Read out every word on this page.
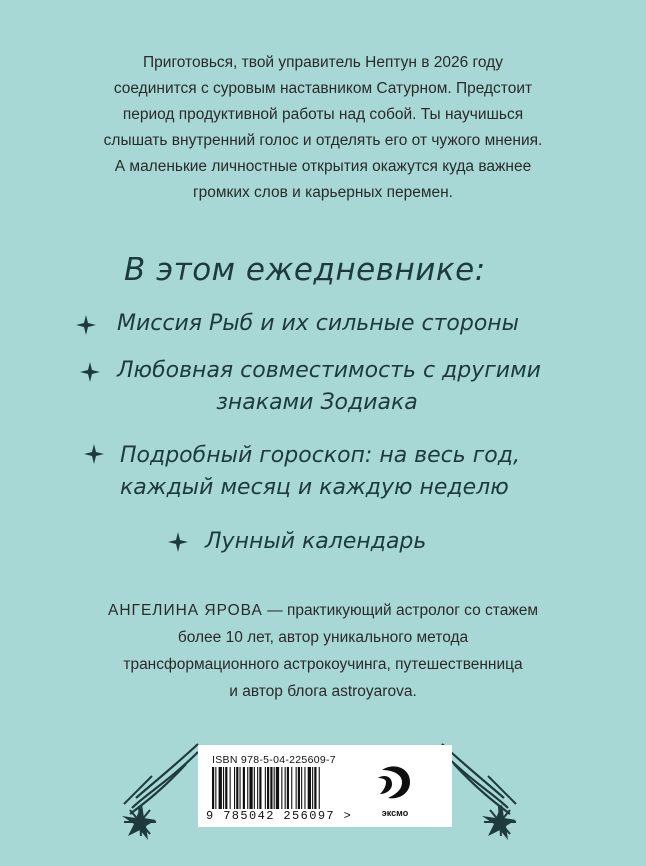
Приготовься, твой управитель Нептун в 2026 году

соединится с суровым наставником Сатурном. Предстоит

период продуктивной работы над собой. Ты научишься

слышать внутренний голос и отделять его от чужого мнения.

А маленькие личностные открытия окажутся куда важнее

громких слов и карьерных перемен.

В этом ежедневнике:
Миссия Рыб и их сильные стороны
Любовная совместимость с другими
знаками Зодиака
Подробный гороскоп: на весь год,
каждый месяц и каждую неделю
Лунный календарь

АНГЕЛИНА ЯРОВА — практикующий астролог со стажем

более 10 лет, автор уникального метода

трансформационного астрокоучинга, путешественница

и автор блога astroyarova.

ISBN 978-5-04-225609-7
9 785042 256097 >	эксмо
